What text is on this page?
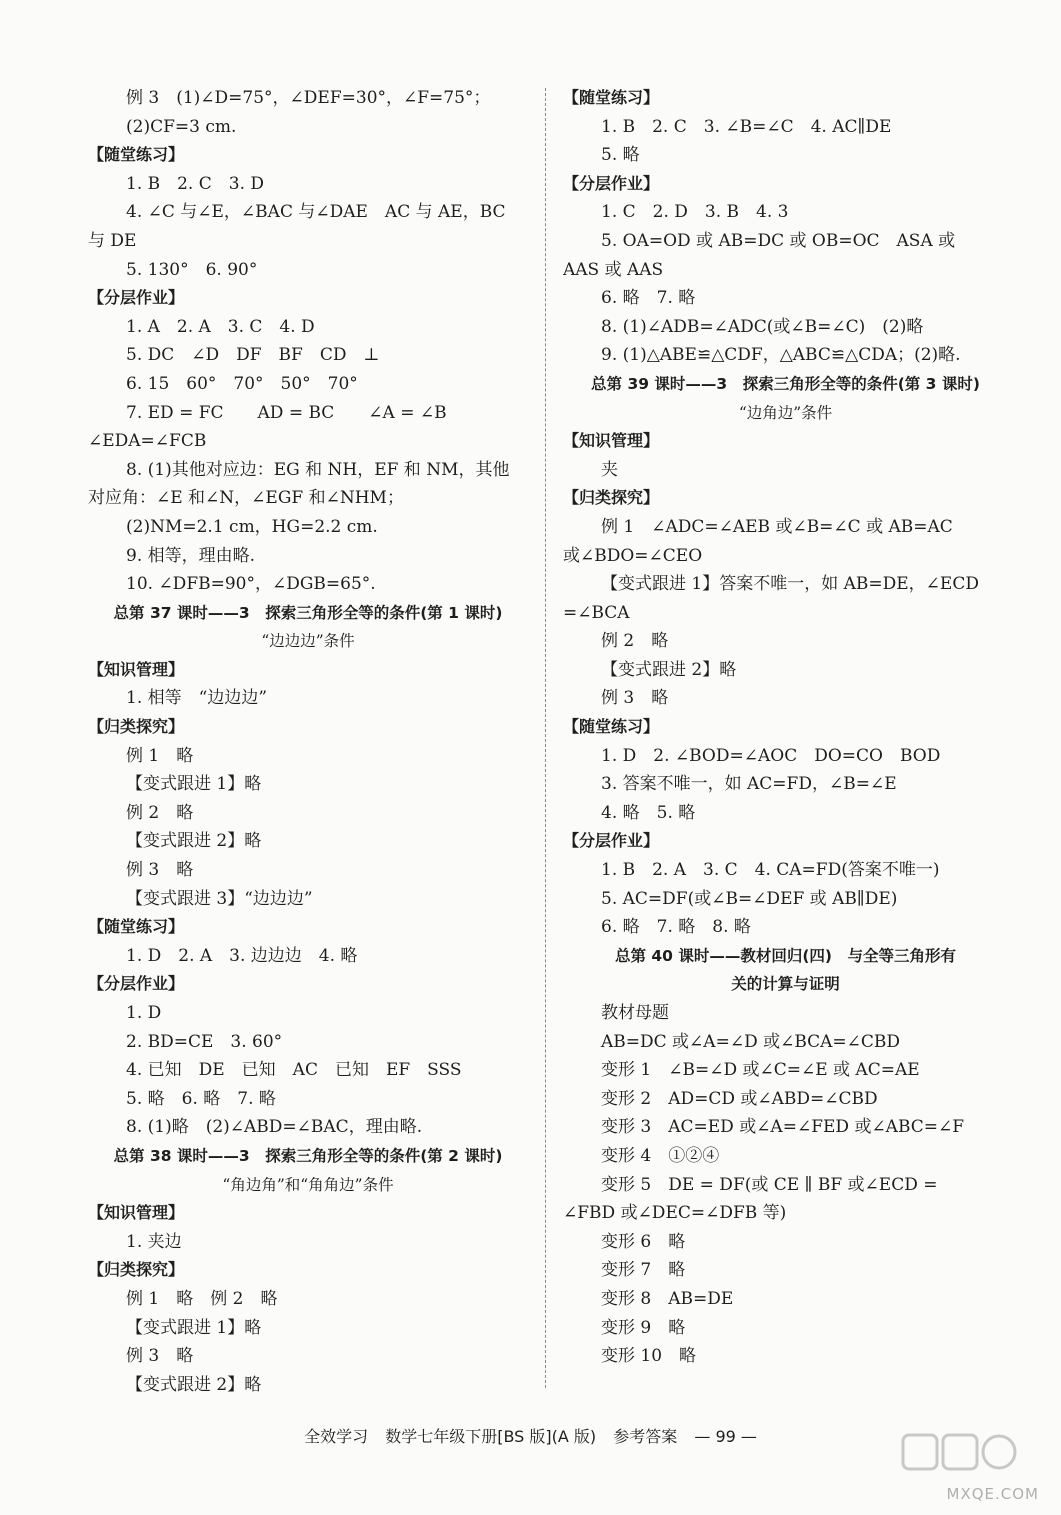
例 3　(1)∠D=75°，∠DEF=30°，∠F=75°；
(2)CF=3 cm.
【随堂练习】
1. B　2. C　3. D
4. ∠C 与∠E，∠BAC 与∠DAE　AC 与 AE，BC
与 DE
5. 130°　6. 90°
【分层作业】
1. A　2. A　3. C　4. D
5. DC　∠D　DF　BF　CD　⊥
6. 15　60°　70°　50°　70°
7. ED = FC　　AD = BC　　∠A = ∠B
∠EDA=∠FCB
8. (1)其他对应边：EG 和 NH，EF 和 NM，其他
对应角：∠E 和∠N，∠EGF 和∠NHM；
(2)NM=2.1 cm，HG=2.2 cm.
9. 相等，理由略.
10. ∠DFB=90°，∠DGB=65°.
总第 37 课时——3　探索三角形全等的条件(第 1 课时)
“边边边”条件
【知识管理】
1. 相等　“边边边”
【归类探究】
例 1　略
【变式跟进 1】略
例 2　略
【变式跟进 2】略
例 3　略
【变式跟进 3】“边边边”
【随堂练习】
1. D　2. A　3. 边边边　4. 略
【分层作业】
1. D
2. BD=CE　3. 60°
4. 已知　DE　已知　AC　已知　EF　SSS
5. 略　6. 略　7. 略
8. (1)略　(2)∠ABD=∠BAC，理由略.
总第 38 课时——3　探索三角形全等的条件(第 2 课时)
“角边角”和“角角边”条件
【知识管理】
1. 夹边
【归类探究】
例 1　略　例 2　略
【变式跟进 1】略
例 3　略
【变式跟进 2】略
【随堂练习】
1. B　2. C　3. ∠B=∠C　4. AC∥DE
5. 略
【分层作业】
1. C　2. D　3. B　4. 3
5. OA=OD 或 AB=DC 或 OB=OC　ASA 或
AAS 或 AAS
6. 略　7. 略
8. (1)∠ADB=∠ADC(或∠B=∠C)　(2)略
9. (1)△ABE≌△CDF，△ABC≌△CDA；(2)略.
总第 39 课时——3　探索三角形全等的条件(第 3 课时)
“边角边”条件
【知识管理】
夹
【归类探究】
例 1　∠ADC=∠AEB 或∠B=∠C 或 AB=AC
或∠BDO=∠CEO
【变式跟进 1】答案不唯一，如 AB=DE，∠ECD
=∠BCA
例 2　略
【变式跟进 2】略
例 3　略
【随堂练习】
1. D　2. ∠BOD=∠AOC　DO=CO　BOD
3. 答案不唯一，如 AC=FD，∠B=∠E
4. 略　5. 略
【分层作业】
1. B　2. A　3. C　4. CA=FD(答案不唯一)
5. AC=DF(或∠B=∠DEF 或 AB∥DE)
6. 略　7. 略　8. 略
总第 40 课时——教材回归(四)　与全等三角形有
关的计算与证明
教材母题
AB=DC 或∠A=∠D 或∠BCA=∠CBD
变形 1　∠B=∠D 或∠C=∠E 或 AC=AE
变形 2　AD=CD 或∠ABD=∠CBD
变形 3　AC=ED 或∠A=∠FED 或∠ABC=∠F
变形 4　①②④
变形 5　DE = DF(或 CE ∥ BF 或∠ECD =
∠FBD 或∠DEC=∠DFB 等)
变形 6　略
变形 7　略
变形 8　AB=DE
变形 9　略
变形 10　略
全效学习 数学七年级下册[BS 版](A 版) 参考答案 — 99 —
MXQE.COM
